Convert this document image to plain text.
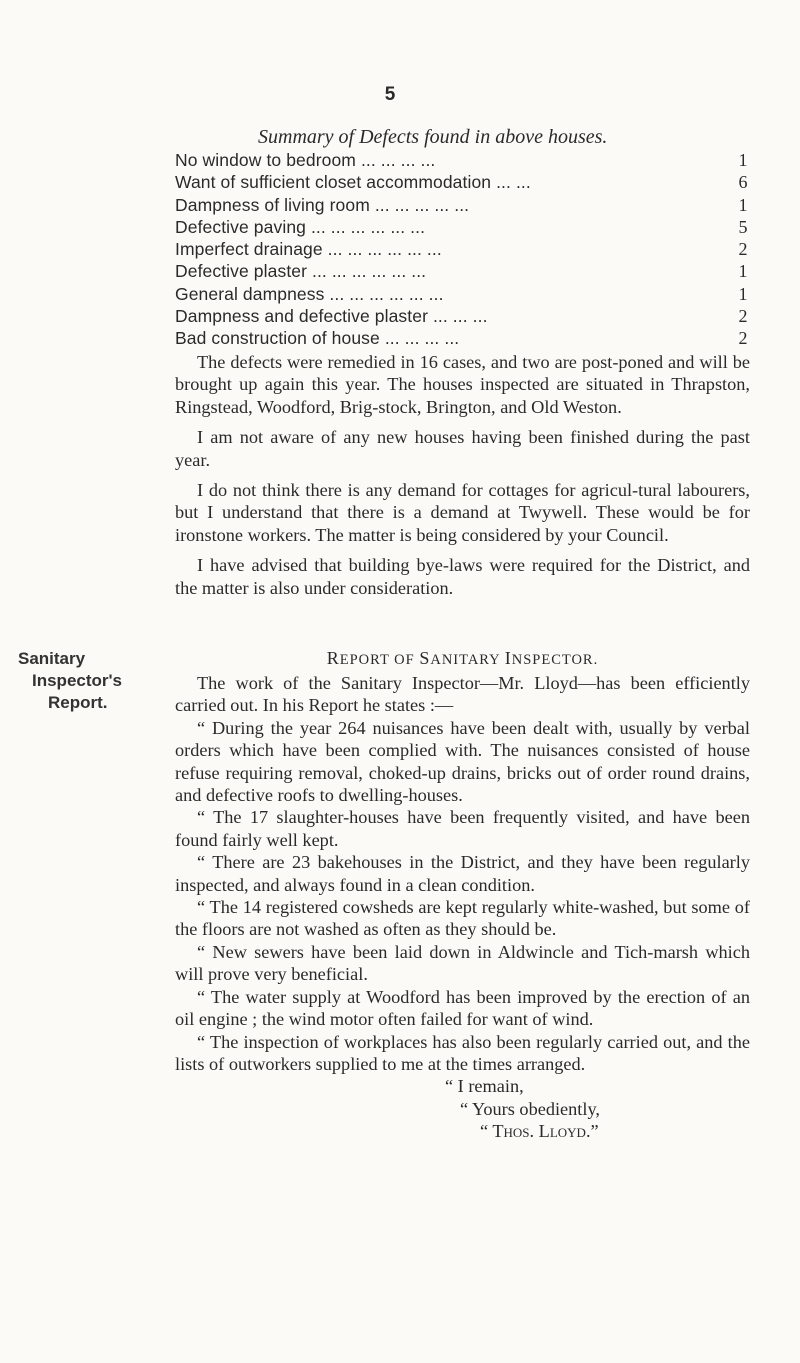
5
Summary of Defects found in above houses.
No window to bedroom ... ... ... ...	1
Want of sufficient closet accommodation ... ...	6
Dampness of living room ... ... ... ... ...	1
Defective paving ... ... ... ... ... ...	5
Imperfect drainage ... ... ... ... ... ...	2
Defective plaster ... ... ... ... ... ...	1
General dampness ... ... ... ... ... ...	1
Dampness and defective plaster ... ... ...	2
Bad construction of house ... ... ... ...	2

The defects were remedied in 16 cases, and two are post-poned and will be brought up again this year. The houses inspected are situated in Thrapston, Ringstead, Woodford, Brig-stock, Brington, and Old Weston.

I am not aware of any new houses having been finished during the past year.

I do not think there is any demand for cottages for agricul-tural labourers, but I understand that there is a demand at Twywell. These would be for ironstone workers. The matter is being considered by your Council.

I have advised that building bye-laws were required for the District, and the matter is also under consideration.

Sanitary
Inspector's
Report.
REPORT OF SANITARY INSPECTOR.

The work of the Sanitary Inspector—Mr. Lloyd—has been efficiently carried out. In his Report he states :—

“ During the year 264 nuisances have been dealt with, usually by verbal orders which have been complied with. The nuisances consisted of house refuse requiring removal, choked-up drains, bricks out of order round drains, and defective roofs to dwelling-houses.

“ The 17 slaughter-houses have been frequently visited, and have been found fairly well kept.

“ There are 23 bakehouses in the District, and they have been regularly inspected, and always found in a clean condition.

“ The 14 registered cowsheds are kept regularly white-washed, but some of the floors are not washed as often as they should be.

“ New sewers have been laid down in Aldwincle and Tich-marsh which will prove very beneficial.

“ The water supply at Woodford has been improved by the erection of an oil engine ; the wind motor often failed for want of wind.

“ The inspection of workplaces has also been regularly carried out, and the lists of outworkers supplied to me at the times arranged.

“ I remain,
“ Yours obediently,
“ Thos. Lloyd.”
